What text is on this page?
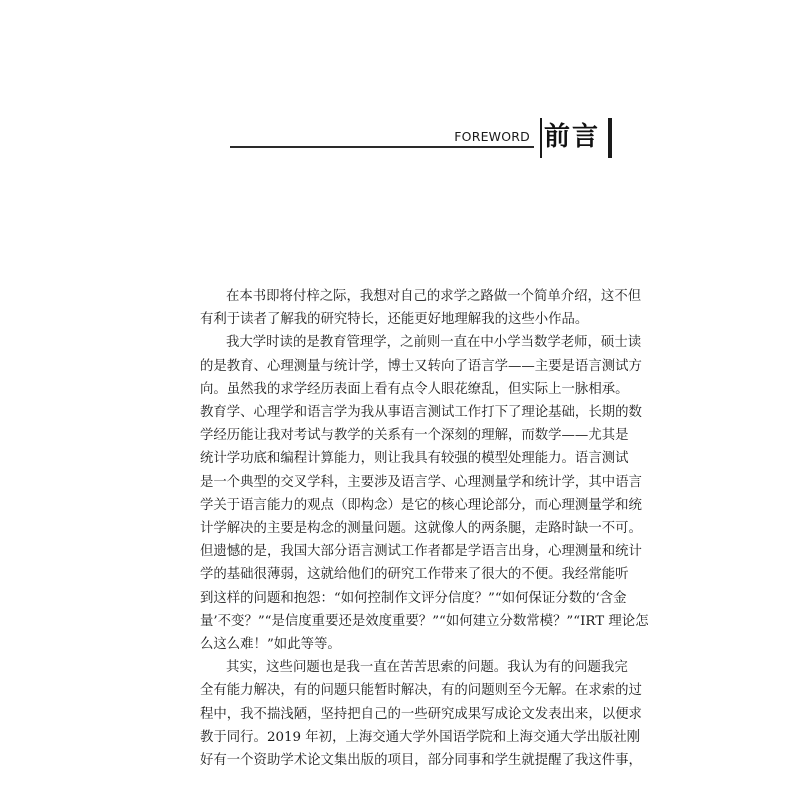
FOREWORD 前言
在本书即将付梓之际，我想对自己的求学之路做一个简单介绍，这不但
有利于读者了解我的研究特长，还能更好地理解我的这些小作品。
我大学时读的是教育管理学，之前则一直在中小学当数学老师，硕士读
的是教育、心理测量与统计学，博士又转向了语言学——主要是语言测试方
向。虽然我的求学经历表面上看有点令人眼花缭乱，但实际上一脉相承。
教育学、心理学和语言学为我从事语言测试工作打下了理论基础，长期的数
学经历能让我对考试与教学的关系有一个深刻的理解，而数学——尤其是
统计学功底和编程计算能力，则让我具有较强的模型处理能力。语言测试
是一个典型的交叉学科，主要涉及语言学、心理测量学和统计学，其中语言
学关于语言能力的观点（即构念）是它的核心理论部分，而心理测量学和统
计学解决的主要是构念的测量问题。这就像人的两条腿，走路时缺一不可。
但遗憾的是，我国大部分语言测试工作者都是学语言出身，心理测量和统计
学的基础很薄弱，这就给他们的研究工作带来了很大的不便。我经常能听
到这样的问题和抱怨：“如何控制作文评分信度？”“如何保证分数的‘含金
量’不变？”“是信度重要还是效度重要？”“如何建立分数常模？”“IRT 理论怎
么这么难！”如此等等。
其实，这些问题也是我一直在苦苦思索的问题。我认为有的问题我完
全有能力解决，有的问题只能暂时解决，有的问题则至今无解。在求索的过
程中，我不揣浅陋，坚持把自己的一些研究成果写成论文发表出来，以便求
教于同行。2019 年初，上海交通大学外国语学院和上海交通大学出版社刚
好有一个资助学术论文集出版的项目，部分同事和学生就提醒了我这件事，
